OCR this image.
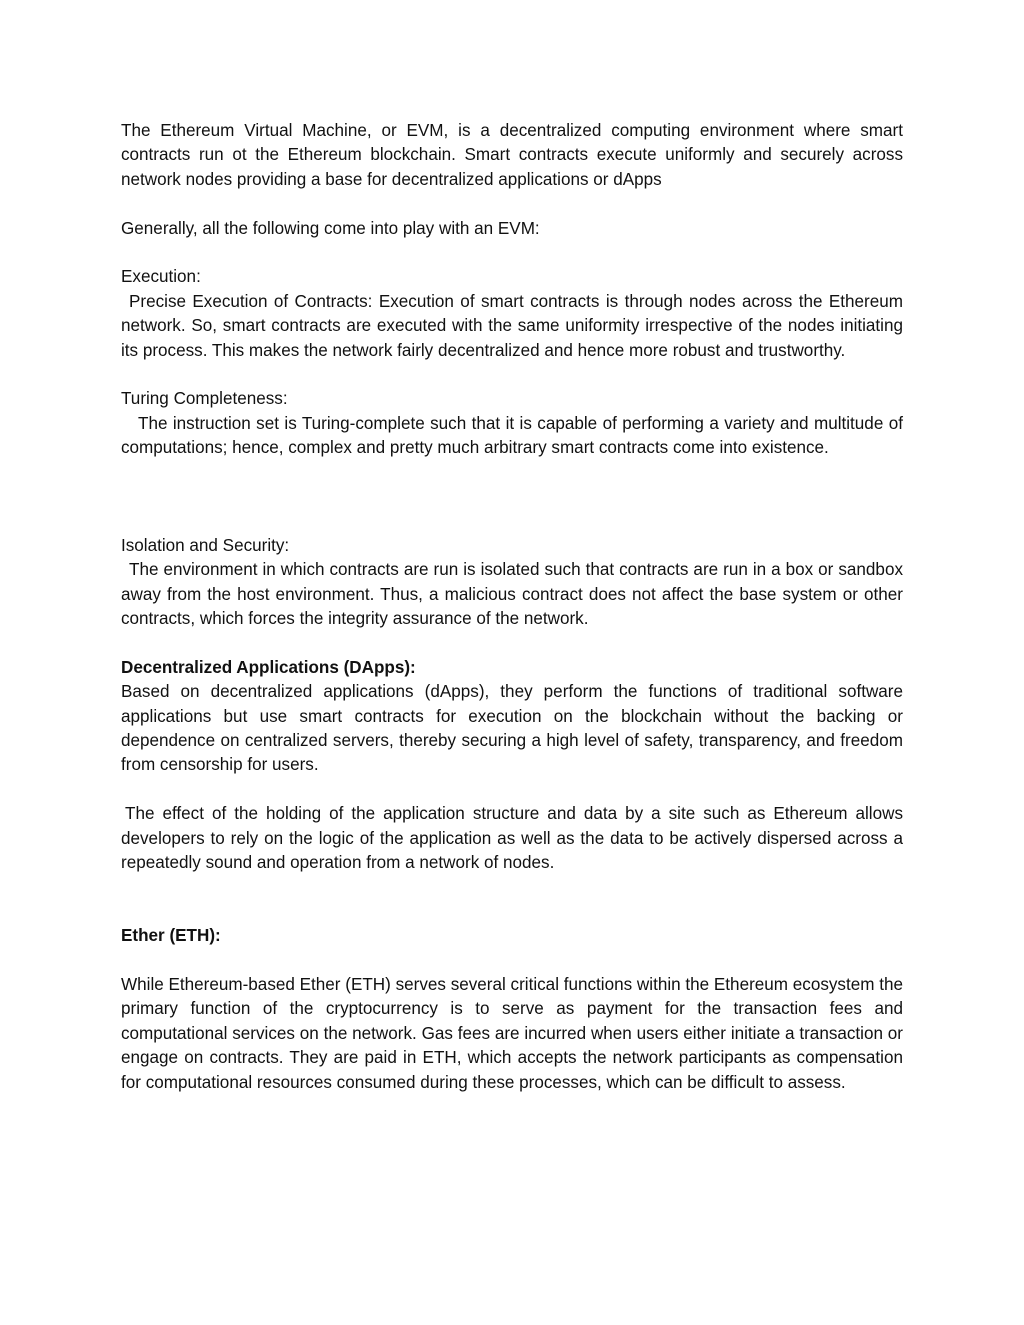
The Ethereum Virtual Machine, or EVM, is a decentralized computing environment where smart contracts run ot the Ethereum blockchain. Smart contracts execute uniformly and securely across network nodes providing a base for decentralized applications or dApps

Generally, all the following come into play with an EVM:

Execution:

Precise Execution of Contracts: Execution of smart contracts is through nodes across the Ethereum network. So, smart contracts are executed with the same uniformity irrespective of the nodes initiating its process. This makes the network fairly decentralized and hence more robust and trustworthy.

Turing Completeness:

The instruction set is Turing-complete such that it is capable of performing a variety and multitude of computations; hence, complex and pretty much arbitrary smart contracts come into existence.

Isolation and Security:

The environment in which contracts are run is isolated such that contracts are run in a box or sandbox away from the host environment. Thus, a malicious contract does not affect the base system or other contracts, which forces the integrity assurance of the network.

Decentralized Applications (DApps):

Based on decentralized applications (dApps), they perform the functions of traditional software applications but use smart contracts for execution on the blockchain without the backing or dependence on centralized servers, thereby securing a high level of safety, transparency, and freedom from censorship for users.

The effect of the holding of the application structure and data by a site such as Ethereum allows developers to rely on the logic of the application as well as the data to be actively dispersed across a repeatedly sound and operation from a network of nodes.

Ether (ETH):

While Ethereum-based Ether (ETH) serves several critical functions within the Ethereum ecosystem the primary function of the cryptocurrency is to serve as payment for the transaction fees and computational services on the network. Gas fees are incurred when users either initiate a transaction or engage on contracts. They are paid in ETH, which accepts the network participants as compensation for computational resources consumed during these processes, which can be difficult to assess.
